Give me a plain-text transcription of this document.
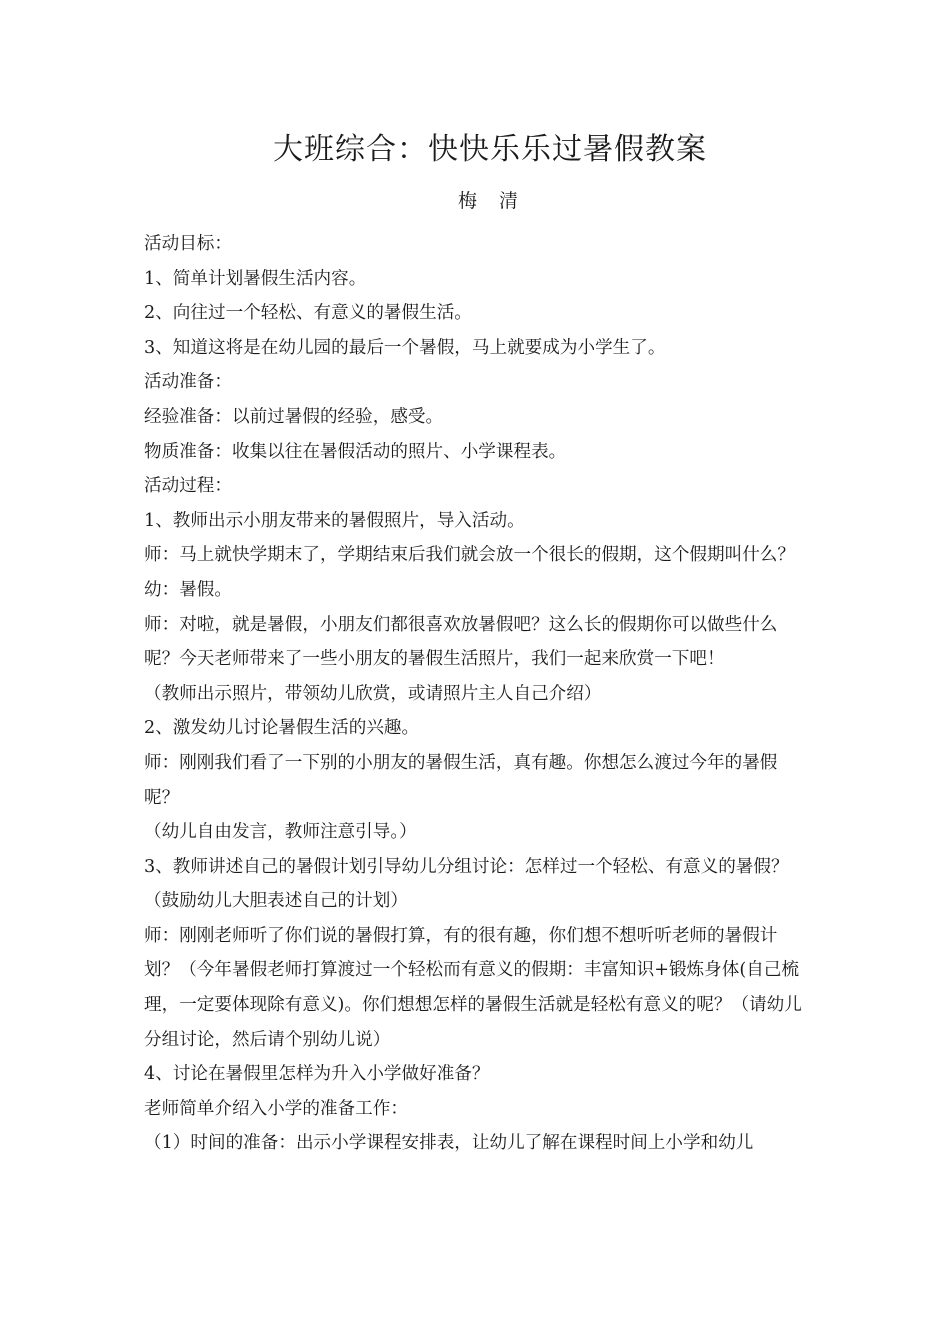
大班综合：快快乐乐过暑假教案
梅 清

活动目标：

1、简单计划暑假生活内容。

2、向往过一个轻松、有意义的暑假生活。

3、知道这将是在幼儿园的最后一个暑假，马上就要成为小学生了。

活动准备：

经验准备：以前过暑假的经验，感受。

物质准备：收集以往在暑假活动的照片、小学课程表。

活动过程：

1、教师出示小朋友带来的暑假照片，导入活动。

师：马上就快学期末了，学期结束后我们就会放一个很长的假期，这个假期叫什么？

幼：暑假。

师：对啦，就是暑假，小朋友们都很喜欢放暑假吧？这么长的假期你可以做些什么呢？今天老师带来了一些小朋友的暑假生活照片，我们一起来欣赏一下吧！

（教师出示照片，带领幼儿欣赏，或请照片主人自己介绍）

2、激发幼儿讨论暑假生活的兴趣。

师：刚刚我们看了一下别的小朋友的暑假生活，真有趣。你想怎么渡过今年的暑假呢？

（幼儿自由发言，教师注意引导。）

3、教师讲述自己的暑假计划引导幼儿分组讨论：怎样过一个轻松、有意义的暑假？（鼓励幼儿大胆表述自己的计划）

师：刚刚老师听了你们说的暑假打算，有的很有趣，你们想不想听听老师的暑假计划？（今年暑假老师打算渡过一个轻松而有意义的假期：丰富知识+锻炼身体(自己梳理，一定要体现除有意义)。你们想想怎样的暑假生活就是轻松有意义的呢？（请幼儿分组讨论，然后请个别幼儿说）

4、讨论在暑假里怎样为升入小学做好准备？

老师简单介绍入小学的准备工作：

（1）时间的准备：出示小学课程安排表，让幼儿了解在课程时间上小学和幼儿
